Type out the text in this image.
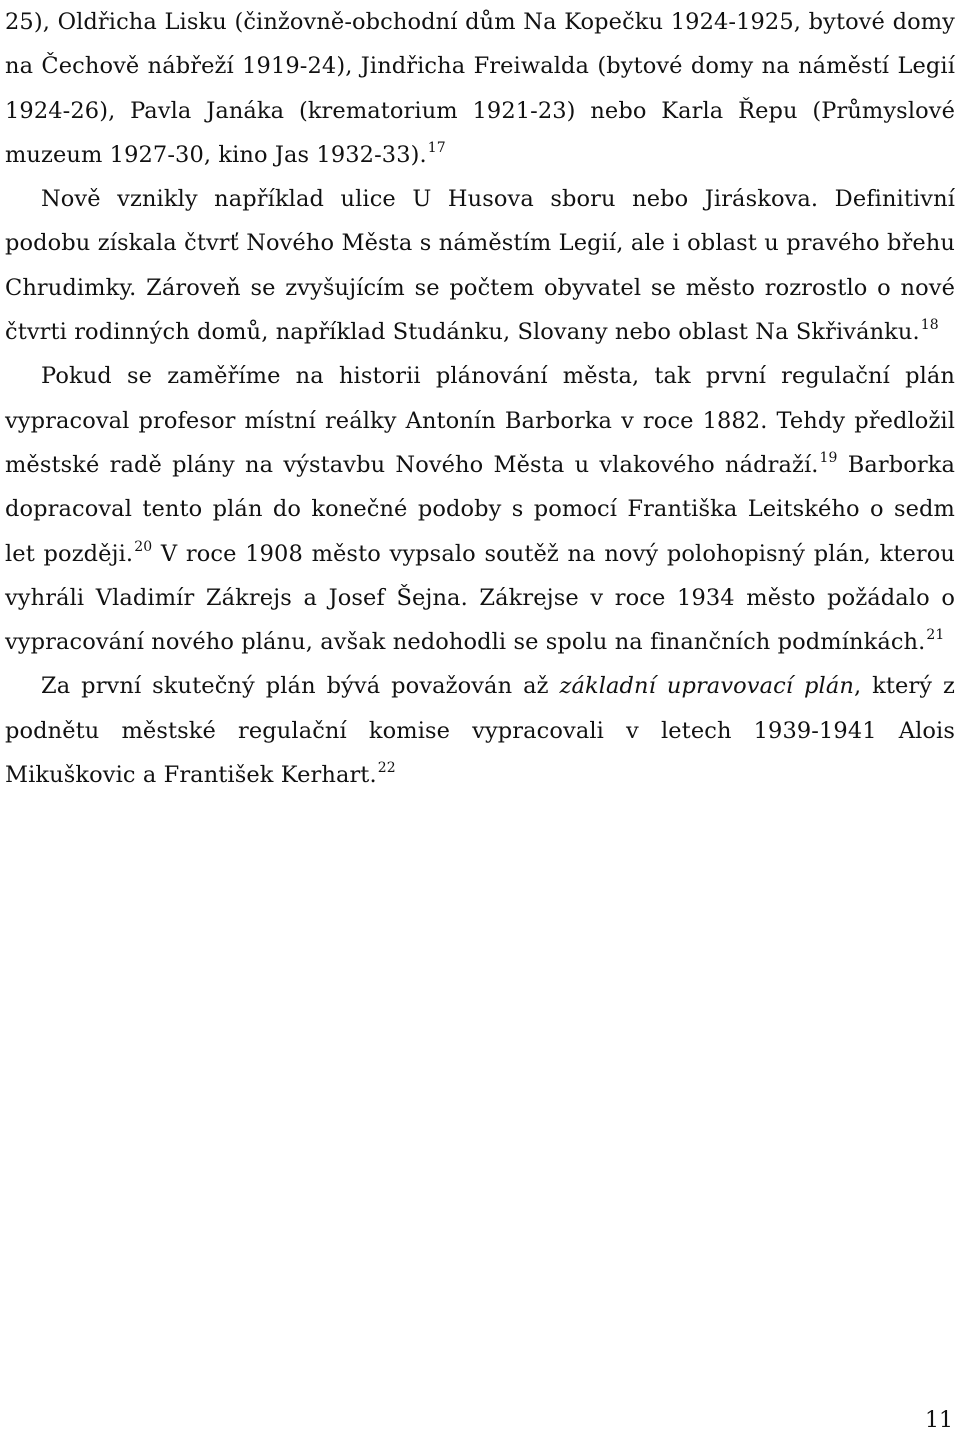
25), Oldřicha Lisku (činžovně-obchodní dům Na Kopečku 1924-1925, bytové domy na Čechově nábřeží 1919-24), Jindřicha Freiwalda (bytové domy na náměstí Legií 1924-26), Pavla Janáka (krematorium 1921-23) nebo Karla Řepu (Průmyslové muzeum 1927-30, kino Jas 1932-33).$^{17}$

Nově vznikly například ulice U Husova sboru nebo Jiráskova. Definitivní podobu získala čtvrť Nového Města s náměstím Legií, ale i oblast u pravého břehu Chrudimky. Zároveň se zvyšujícím se počtem obyvatel se město rozrostlo o nové čtvrti rodinných domů, například Studánku, Slovany nebo oblast Na Skřivánku.$^{18}$

Pokud se zaměříme na historii plánování města, tak první regulační plán vypracoval profesor místní reálky Antonín Barborka v roce 1882. Tehdy předložil městské radě plány na výstavbu Nového Města u vlakového nádraží.$^{19}$ Barborka dopracoval tento plán do konečné podoby s pomocí Františka Leitského o sedm let později.$^{20}$ V roce 1908 město vypsalo soutěž na nový polohopisný plán, kterou vyhráli Vladimír Zákrejs a Josef Šejna. Zákrejse v roce 1934 město požádalo o vypracování nového plánu, avšak nedohodli se spolu na finančních podmínkách.$^{21}$

Za první skutečný plán bývá považován až základní upravovací plán, který z podnětu městské regulační komise vypracovali v letech 1939-1941 Alois Mikuškovic a František Kerhart.$^{22}$

11
